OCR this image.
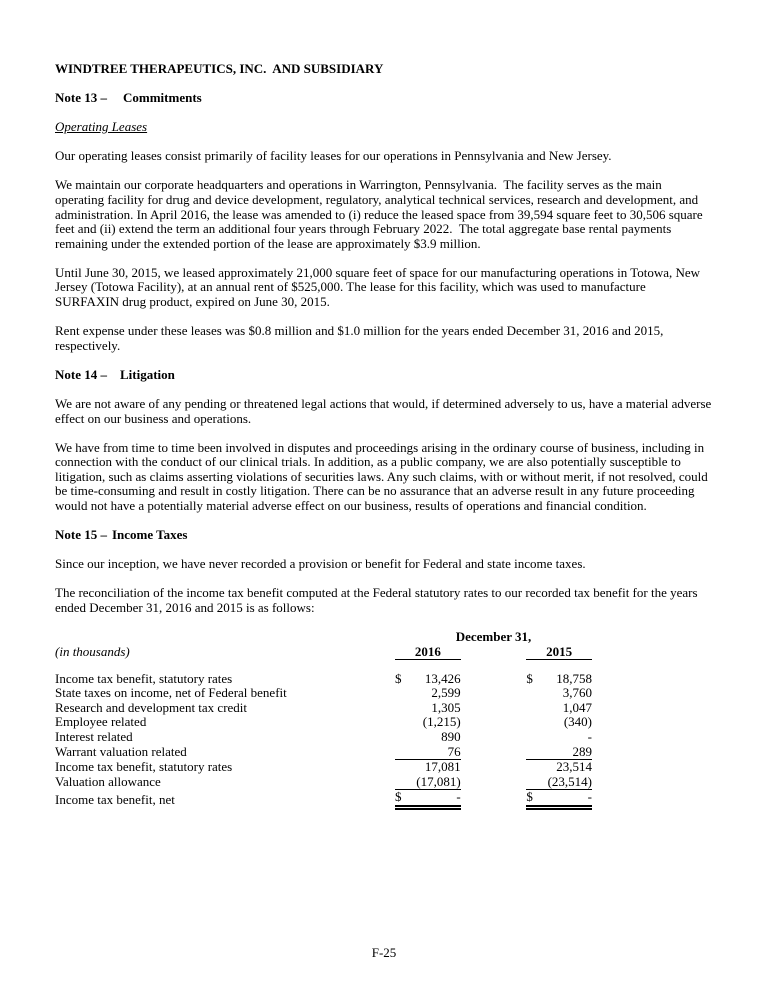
WINDTREE THERAPEUTICS, INC.  AND SUBSIDIARY

Note 13 – Commitments

Operating Leases

Our operating leases consist primarily of facility leases for our operations in Pennsylvania and New Jersey.

We maintain our corporate headquarters and operations in Warrington, Pennsylvania.  The facility serves as the main operating facility for drug and device development, regulatory, analytical technical services, research and development, and administration. In April 2016, the lease was amended to (i) reduce the leased space from 39,594 square feet to 30,506 square feet and (ii) extend the term an additional four years through February 2022.  The total aggregate base rental payments remaining under the extended portion of the lease are approximately $3.9 million.

Until June 30, 2015, we leased approximately 21,000 square feet of space for our manufacturing operations in Totowa, New Jersey (Totowa Facility), at an annual rent of $525,000. The lease for this facility, which was used to manufacture SURFAXIN drug product, expired on June 30, 2015.

Rent expense under these leases was $0.8 million and $1.0 million for the years ended December 31, 2016 and 2015, respectively.

Note 14 – Litigation

We are not aware of any pending or threatened legal actions that would, if determined adversely to us, have a material adverse effect on our business and operations.

We have from time to time been involved in disputes and proceedings arising in the ordinary course of business, including in connection with the conduct of our clinical trials. In addition, as a public company, we are also potentially susceptible to litigation, such as claims asserting violations of securities laws. Any such claims, with or without merit, if not resolved, could be time-consuming and result in costly litigation. There can be no assurance that an adverse result in any future proceeding would not have a potentially material adverse effect on our business, results of operations and financial condition.

Note 15 – Income Taxes

Since our inception, we have never recorded a provision or benefit for Federal and state income taxes.

The reconciliation of the income tax benefit computed at the Federal statutory rates to our recorded tax benefit for the years ended December 31, 2016 and 2015 is as follows:

	December 31,		
(in thousands)	2016		2015

Income tax benefit, statutory rates	$ 13,426		$ 18,758

State taxes on income, net of Federal benefit	2,599		3,760

Research and development tax credit	1,305		1,047

Employee related	(1,215)		(340)

Interest related	890		-

Warrant valuation related	76		289

Income tax benefit, statutory rates	17,081		23,514

Valuation allowance	(17,081)		(23,514)

Income tax benefit, net	$ -		$ -
F-25
